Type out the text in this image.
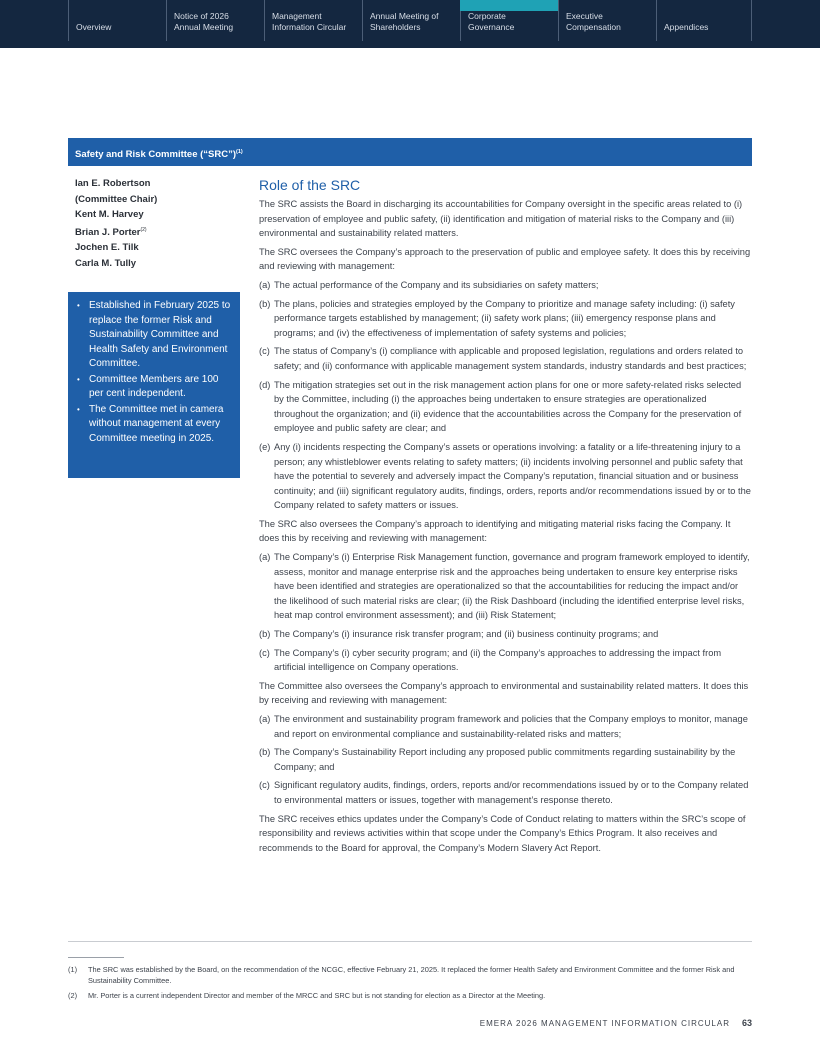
Overview
Notice of 2026
Annual Meeting
Management
Information Circular
Annual Meeting of
Shareholders
Corporate
Governance
Executive
Compensation	Appendices
Safety and Risk Committee (“SRC”)$^{(1)}$
Ian E. Robertson
(Committee Chair)
Kent M. Harvey
Brian J. Porter$^{(2)}$
Jochen E. Tilk
Carla M. Tully
• Established in February 2025 to replace the former Risk and Sustainability Committee and Health Safety and Environment Committee.
• Committee Members are 100 per cent independent.
• The Committee met in camera without management at every Committee meeting in 2025.
Role of the SRC

The SRC assists the Board in discharging its accountabilities for Company oversight in the specific areas related to (i) preservation of employee and public safety, (ii) identification and mitigation of material risks to the Company and (iii) environmental and sustainability related matters.

The SRC oversees the Company’s approach to the preservation of public and employee safety. It does this by receiving and reviewing with management:

(a) The actual performance of the Company and its subsidiaries on safety matters;
(b) The plans, policies and strategies employed by the Company to prioritize and manage safety including: (i) safety performance targets established by management; (ii) safety work plans; (iii) emergency response plans and programs; and (iv) the effectiveness of implementation of safety systems and policies;
(c) The status of Company’s (i) compliance with applicable and proposed legislation, regulations and orders related to safety; and (ii) conformance with applicable management system standards, industry standards and best practices;
(d) The mitigation strategies set out in the risk management action plans for one or more safety-related risks selected by the Committee, including (i) the approaches being undertaken to ensure strategies are operationalized throughout the organization; and (ii) evidence that the accountabilities across the Company for the preservation of employee and public safety are clear; and
(e) Any (i) incidents respecting the Company’s assets or operations involving: a fatality or a life-threatening injury to a person; any whistleblower events relating to safety matters; (ii) incidents involving personnel and public safety that have the potential to severely and adversely impact the Company’s reputation, financial situation and or business continuity; and (iii) significant regulatory audits, findings, orders, reports and/or recommendations issued by or to the Company related to safety matters or issues.

The SRC also oversees the Company’s approach to identifying and mitigating material risks facing the Company. It does this by receiving and reviewing with management:

(a) The Company’s (i) Enterprise Risk Management function, governance and program framework employed to identify, assess, monitor and manage enterprise risk and the approaches being undertaken to ensure key enterprise risks have been identified and strategies are operationalized so that the accountabilities for reducing the impact and/or the likelihood of such material risks are clear; (ii) the Risk Dashboard (including the identified enterprise level risks, heat map control environment assessment); and (iii) Risk Statement;
(b) The Company’s (i) insurance risk transfer program; and (ii) business continuity programs; and
(c) The Company’s (i) cyber security program; and (ii) the Company’s approaches to addressing the impact from artificial intelligence on Company operations.

The Committee also oversees the Company’s approach to environmental and sustainability related matters. It does this by receiving and reviewing with management:

(a) The environment and sustainability program framework and policies that the Company employs to monitor, manage and report on environmental compliance and sustainability-related risks and matters;
(b) The Company’s Sustainability Report including any proposed public commitments regarding sustainability by the Company; and
(c) Significant regulatory audits, findings, orders, reports and/or recommendations issued by or to the Company related to environmental matters or issues, together with management’s response thereto.

The SRC receives ethics updates under the Company’s Code of Conduct relating to matters within the SRC’s scope of responsibility and reviews activities within that scope under the Company’s Ethics Program. It also receives and recommends to the Board for approval, the Company’s Modern Slavery Act Report.

(1)	The SRC was established by the Board, on the recommendation of the NCGC, effective February 21, 2025. It replaced the former Health Safety and Environment Committee and the former Risk and Sustainability Committee.
(2)	Mr. Porter is a current independent Director and member of the MRCC and SRC but is not standing for election as a Director at the Meeting.
EMERA 2026 MANAGEMENT INFORMATION CIRCULAR 63
